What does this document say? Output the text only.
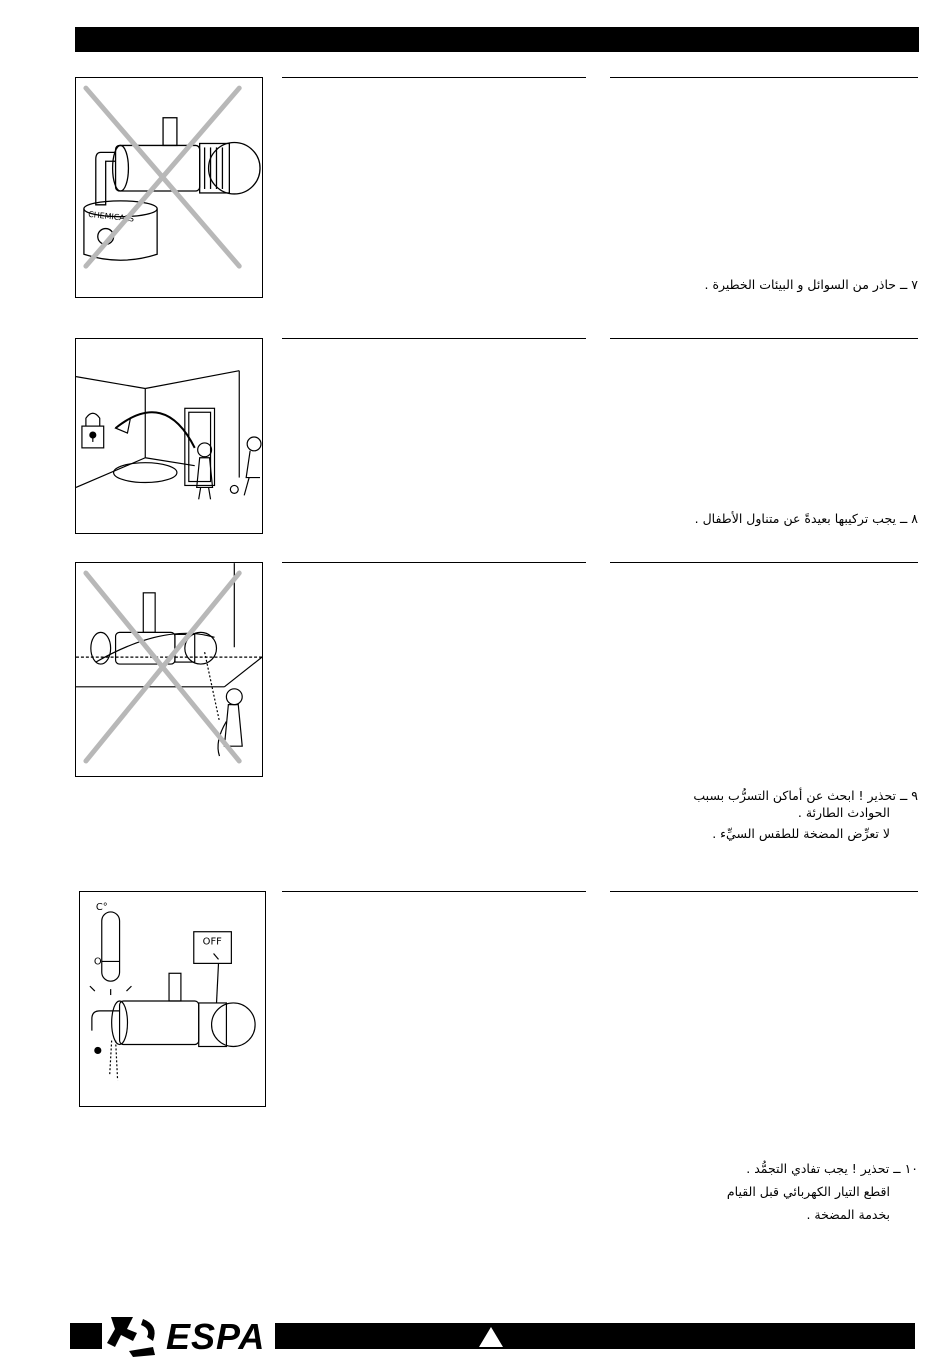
CHEMICALS
٧ ــ حاذر من السوائل و البيئات الخطيرة .
٨ ــ يجب تركيبها بعيدةً عن متناول الأطفال .
٩ ــ تحذير ! ابحث عن أماكن التسرُّب بسبب
الحوادث الطارئة .
لا تعرِّض المضخة للطقس السيِّء .
C°
O
OFF
١٠ ــ تحذير ! يجب تفادي التجمُّد .
اقطع التيار الكهربائي قبل القيام
بخدمة المضخة .
ESPA
